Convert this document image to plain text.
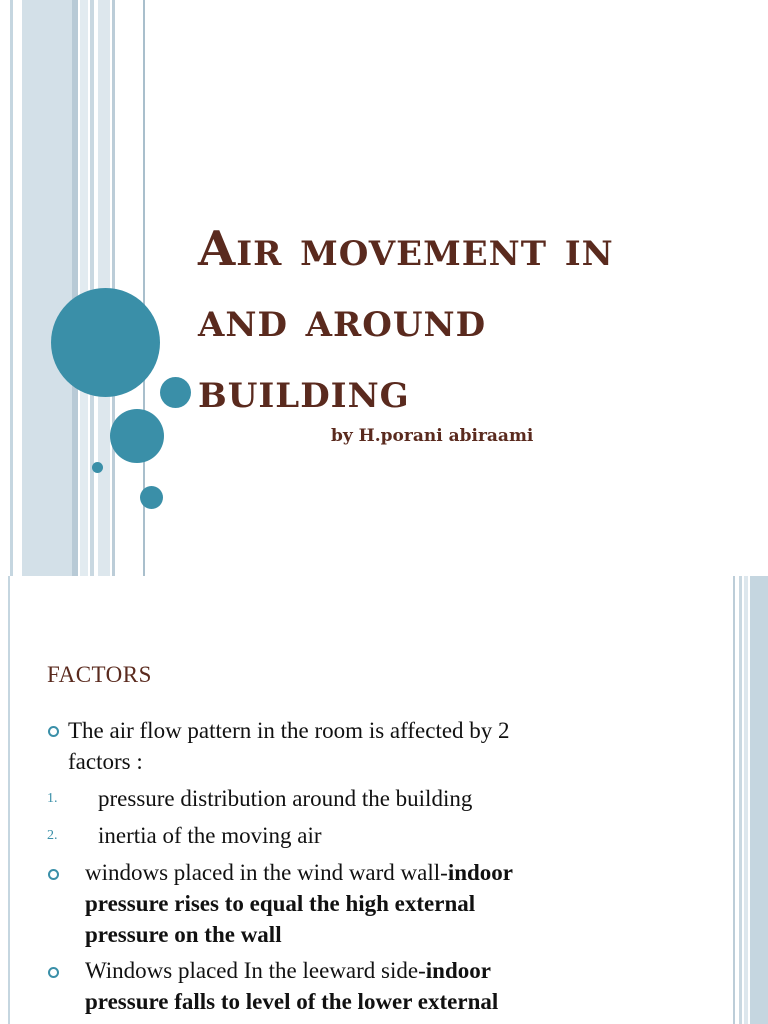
Air movement in
and around
building
by H.porani abiraami
FACTORS
The air flow pattern in the room is affected by 2
factors :
1. pressure distribution around the building
2. inertia of the moving air
windows placed in the wind ward wall-indoor
pressure rises to equal the high external
pressure on the wall
Windows placed In the leeward side-indoor
pressure falls to level of the lower external
